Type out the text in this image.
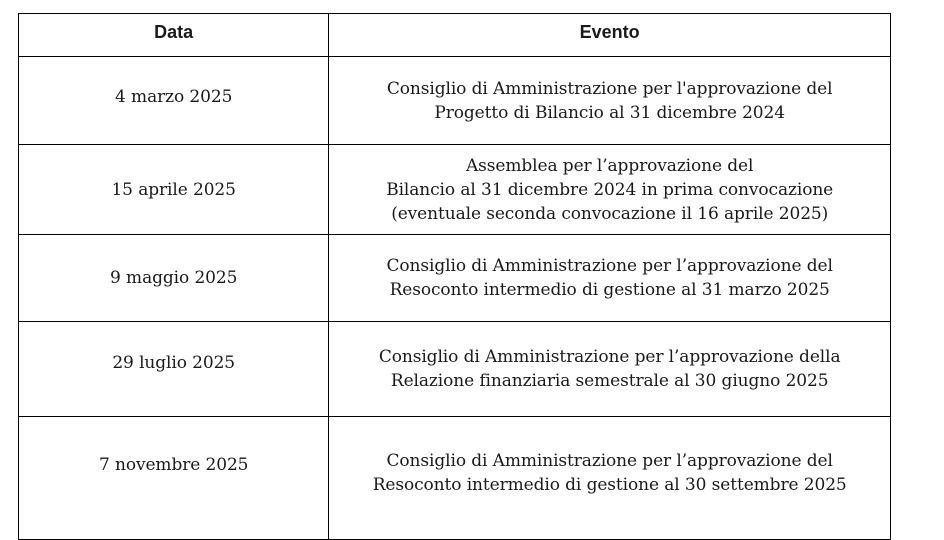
Data	Evento
4 marzo 2025	Consiglio di Amministrazione per l'approvazione del
Progetto di Bilancio al 31 dicembre 2024

15 aprile 2025	Assemblea per l’approvazione del
Bilancio al 31 dicembre 2024 in prima convocazione
(eventuale seconda convocazione il 16 aprile 2025)

9 maggio 2025	Consiglio di Amministrazione per l’approvazione del
Resoconto intermedio di gestione al 31 marzo 2025

29 luglio 2025	Consiglio di Amministrazione per l’approvazione della
Relazione finanziaria semestrale al 30 giugno 2025

7 novembre 2025	Consiglio di Amministrazione per l’approvazione del
Resoconto intermedio di gestione al 30 settembre 2025
